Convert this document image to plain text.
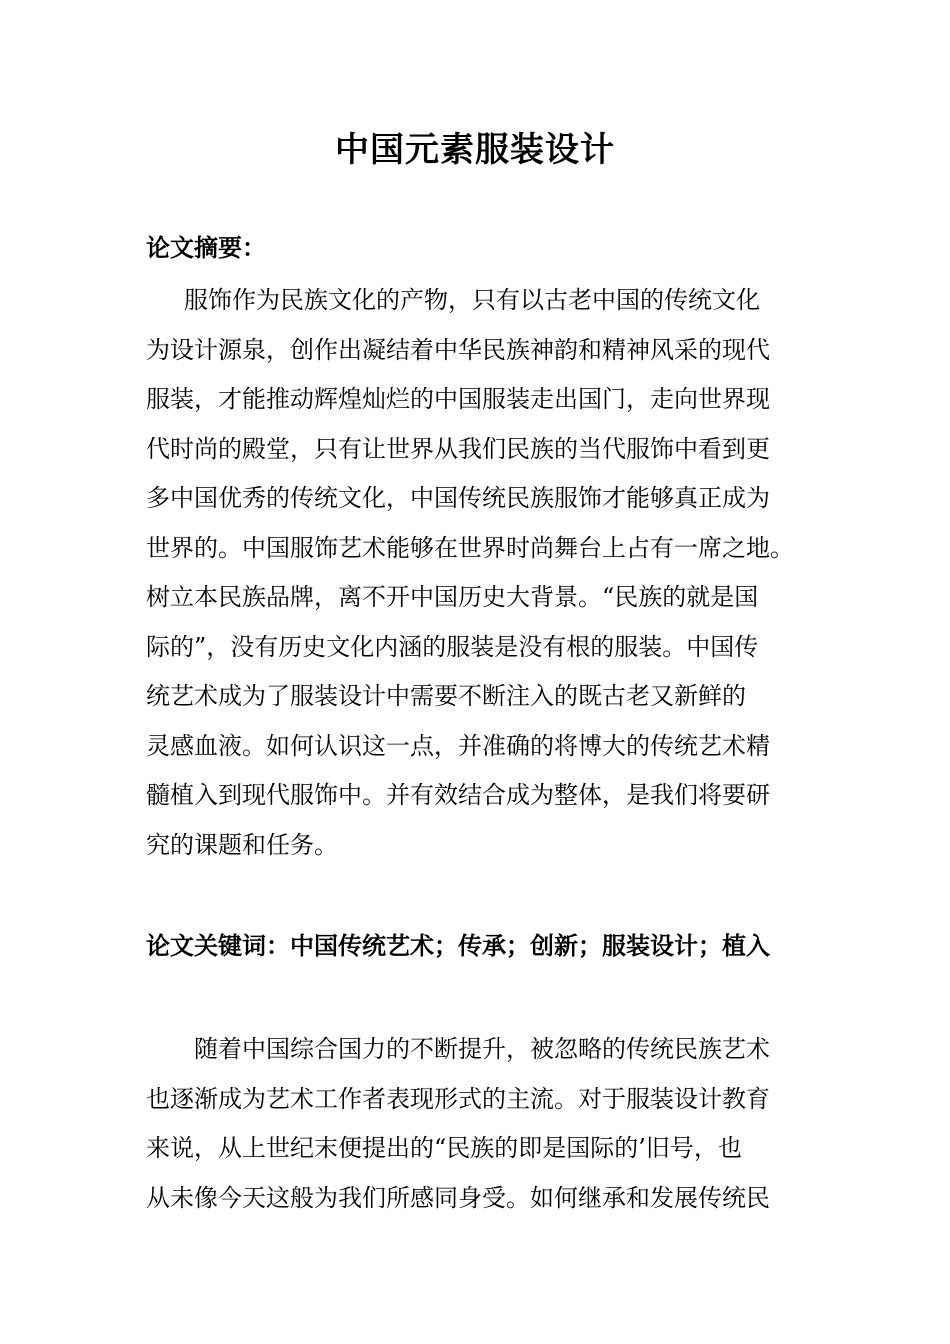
中国元素服装设计

论文摘要：

服饰作为民族文化的产物，只有以古老中国的传统文化
为设计源泉，创作出凝结着中华民族神韵和精神风采的现代
服装，才能推动辉煌灿烂的中国服装走出国门，走向世界现
代时尚的殿堂，只有让世界从我们民族的当代服饰中看到更
多中国优秀的传统文化，中国传统民族服饰才能够真正成为
世界的。中国服饰艺术能够在世界时尚舞台上占有一席之地。
树立本民族品牌，离不开中国历史大背景。“民族的就是国
际的”，没有历史文化内涵的服装是没有根的服装。中国传
统艺术成为了服装设计中需要不断注入的既古老又新鲜的
灵感血液。如何认识这一点，并准确的将博大的传统艺术精
髓植入到现代服饰中。并有效结合成为整体，是我们将要研
究的课题和任务。

论文关键词：中国传统艺术；传承；创新；服装设计；植入

随着中国综合国力的不断提升，被忽略的传统民族艺术
也逐渐成为艺术工作者表现形式的主流。对于服装设计教育
来说，从上世纪末便提出的“民族的即是国际的’旧号，也
从未像今天这般为我们所感同身受。如何继承和发展传统民
